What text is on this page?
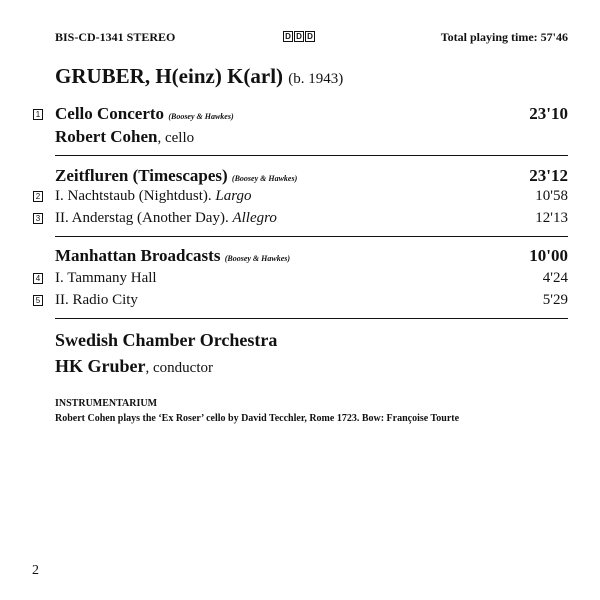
BIS-CD-1341 STEREO	D D D	Total playing time: 57'46
GRUBER, H(einz) K(arl) (b. 1943)
1 Cello Concerto (Boosey & Hawkes)	23'10
Robert Cohen, cello
Zeitfluren (Timescapes) (Boosey & Hawkes)	23'12
2 I. Nachtstaub (Nightdust). Largo	10'58
3 II. Anderstag (Another Day). Allegro	12'13
Manhattan Broadcasts (Boosey & Hawkes)	10'00
4 I. Tammany Hall	4'24
5 II. Radio City	5'29
Swedish Chamber Orchestra
HK Gruber, conductor
INSTRUMENTARIUM
Robert Cohen plays the ‘Ex Roser’ cello by David Tecchler, Rome 1723. Bow: Françoise Tourte
2
